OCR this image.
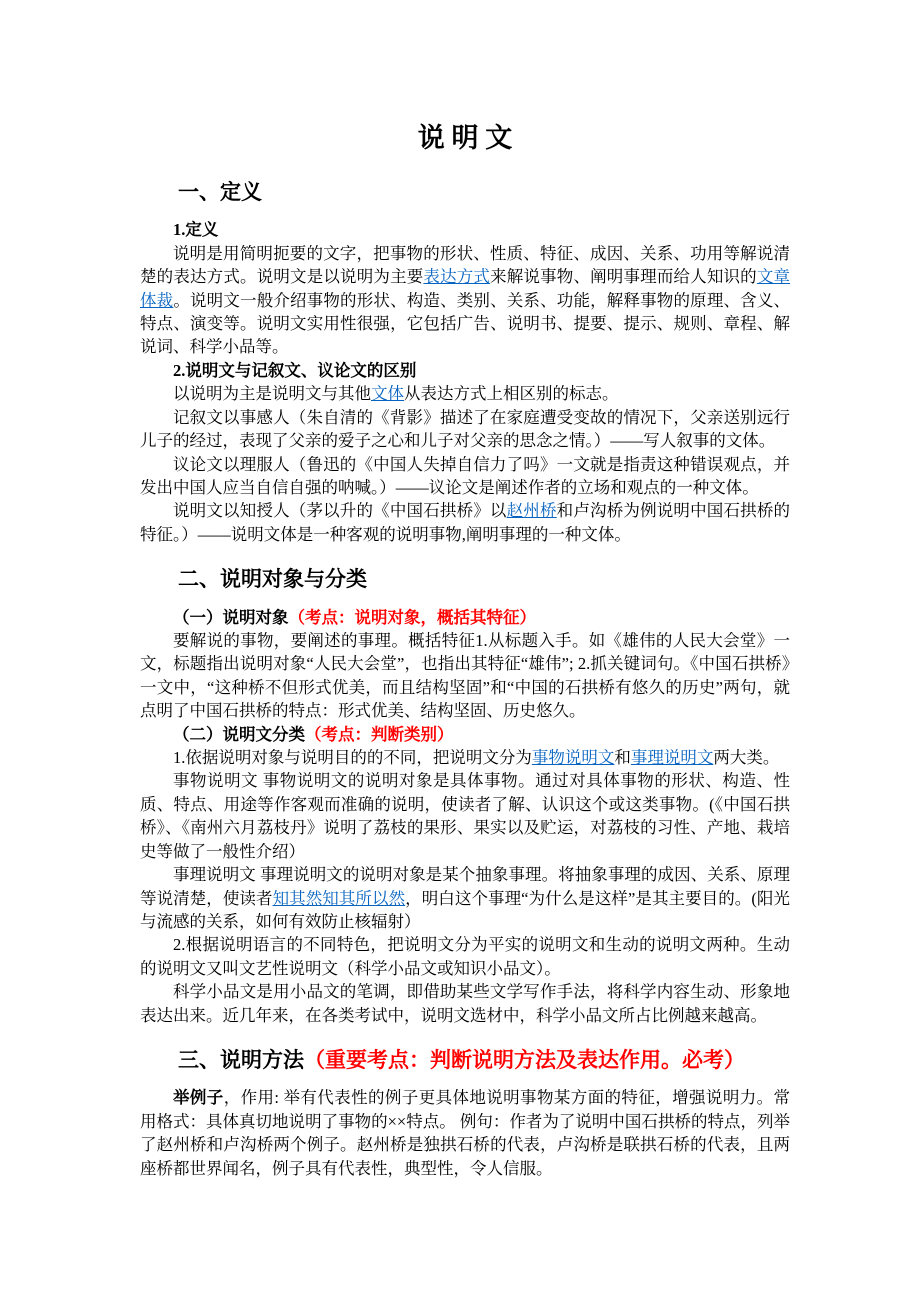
说 明 文
一、定义
1.定义
说明是用简明扼要的文字，把事物的形状、性质、特征、成因、关系、功用等解说清楚的表达方式。说明文是以说明为主要表达方式来解说事物、阐明事理而给人知识的文章体裁。说明文一般介绍事物的形状、构造、类别、关系、功能，解释事物的原理、含义、特点、演变等。说明文实用性很强，它包括广告、说明书、提要、提示、规则、章程、解说词、科学小品等。
2.说明文与记叙文、议论文的区别
以说明为主是说明文与其他文体从表达方式上相区别的标志。
记叙文以事感人（朱自清的《背影》描述了在家庭遭受变故的情况下，父亲送别远行儿子的经过，表现了父亲的爱子之心和儿子对父亲的思念之情。）——写人叙事的文体。
议论文以理服人（鲁迅的《中国人失掉自信力了吗》一文就是指责这种错误观点，并发出中国人应当自信自强的呐喊。）——议论文是阐述作者的立场和观点的一种文体。
说明文以知授人（茅以升的《中国石拱桥》以赵州桥和卢沟桥为例说明中国石拱桥的特征。）——说明文体是一种客观的说明事物,阐明事理的一种文体。
二、说明对象与分类
（一）说明对象（考点：说明对象，概括其特征）
要解说的事物，要阐述的事理。概括特征1.从标题入手。如《雄伟的人民大会堂》一文，标题指出说明对象“人民大会堂”，也指出其特征“雄伟”; 2.抓关键词句。《中国石拱桥》一文中，“这种桥不但形式优美，而且结构坚固”和“中国的石拱桥有悠久的历史”两句，就点明了中国石拱桥的特点：形式优美、结构坚固、历史悠久。
（二）说明文分类（考点：判断类别）
1.依据说明对象与说明目的的不同，把说明文分为事物说明文和事理说明文两大类。
事物说明文 事物说明文的说明对象是具体事物。通过对具体事物的形状、构造、性质、特点、用途等作客观而准确的说明，使读者了解、认识这个或这类事物。(《中国石拱桥》、《南州六月荔枝丹》说明了荔枝的果形、果实以及贮运，对荔枝的习性、产地、栽培史等做了一般性介绍）
事理说明文 事理说明文的说明对象是某个抽象事理。将抽象事理的成因、关系、原理等说清楚，使读者知其然知其所以然，明白这个事理“为什么是这样”是其主要目的。(阳光与流感的关系，如何有效防止核辐射）
2.根据说明语言的不同特色，把说明文分为平实的说明文和生动的说明文两种。生动的说明文又叫文艺性说明文（科学小品文或知识小品文）。
科学小品文是用小品文的笔调，即借助某些文学写作手法，将科学内容生动、形象地表达出来。近几年来，在各类考试中，说明文选材中，科学小品文所占比例越来越高。
三、说明方法（重要考点：判断说明方法及表达作用。必考）
举例子，作用: 举有代表性的例子更具体地说明事物某方面的特征，增强说明力。常用格式：具体真切地说明了事物的××特点。 例句：作者为了说明中国石拱桥的特点，列举了赵州桥和卢沟桥两个例子。赵州桥是独拱石桥的代表，卢沟桥是联拱石桥的代表，且两座桥都世界闻名，例子具有代表性，典型性，令人信服。
